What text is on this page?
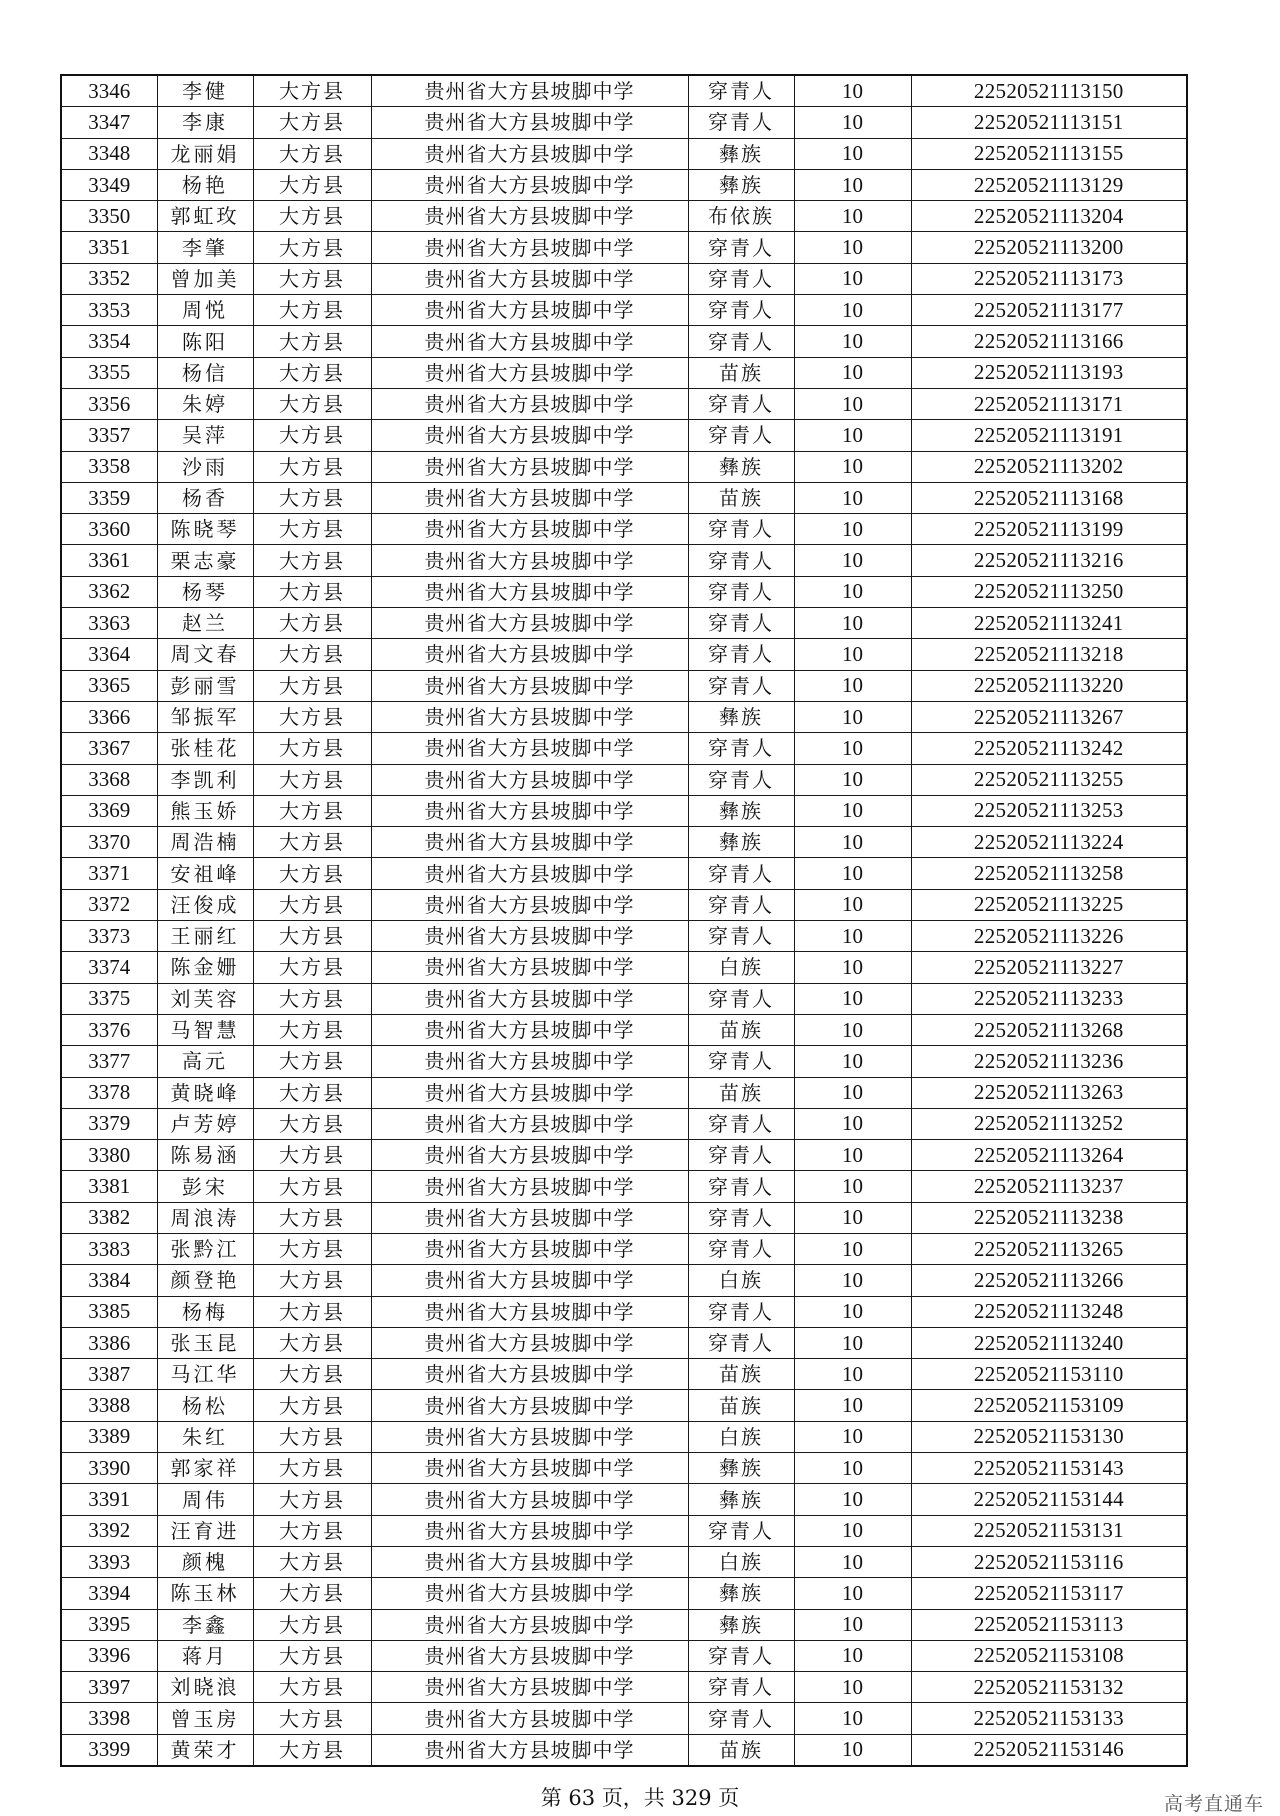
3346	李健	大方县	贵州省大方县坡脚中学	穿青人	10	22520521113150
3347	李康	大方县	贵州省大方县坡脚中学	穿青人	10	22520521113151
3348	龙丽娟	大方县	贵州省大方县坡脚中学	彝族	10	22520521113155
3349	杨艳	大方县	贵州省大方县坡脚中学	彝族	10	22520521113129
3350	郭虹玫	大方县	贵州省大方县坡脚中学	布依族	10	22520521113204
3351	李肇	大方县	贵州省大方县坡脚中学	穿青人	10	22520521113200
3352	曾加美	大方县	贵州省大方县坡脚中学	穿青人	10	22520521113173
3353	周悦	大方县	贵州省大方县坡脚中学	穿青人	10	22520521113177
3354	陈阳	大方县	贵州省大方县坡脚中学	穿青人	10	22520521113166
3355	杨信	大方县	贵州省大方县坡脚中学	苗族	10	22520521113193
3356	朱婷	大方县	贵州省大方县坡脚中学	穿青人	10	22520521113171
3357	吴萍	大方县	贵州省大方县坡脚中学	穿青人	10	22520521113191
3358	沙雨	大方县	贵州省大方县坡脚中学	彝族	10	22520521113202
3359	杨香	大方县	贵州省大方县坡脚中学	苗族	10	22520521113168
3360	陈晓琴	大方县	贵州省大方县坡脚中学	穿青人	10	22520521113199
3361	栗志豪	大方县	贵州省大方县坡脚中学	穿青人	10	22520521113216
3362	杨琴	大方县	贵州省大方县坡脚中学	穿青人	10	22520521113250
3363	赵兰	大方县	贵州省大方县坡脚中学	穿青人	10	22520521113241
3364	周文春	大方县	贵州省大方县坡脚中学	穿青人	10	22520521113218
3365	彭丽雪	大方县	贵州省大方县坡脚中学	穿青人	10	22520521113220
3366	邹振军	大方县	贵州省大方县坡脚中学	彝族	10	22520521113267
3367	张桂花	大方县	贵州省大方县坡脚中学	穿青人	10	22520521113242
3368	李凯利	大方县	贵州省大方县坡脚中学	穿青人	10	22520521113255
3369	熊玉娇	大方县	贵州省大方县坡脚中学	彝族	10	22520521113253
3370	周浩楠	大方县	贵州省大方县坡脚中学	彝族	10	22520521113224
3371	安祖峰	大方县	贵州省大方县坡脚中学	穿青人	10	22520521113258
3372	汪俊成	大方县	贵州省大方县坡脚中学	穿青人	10	22520521113225
3373	王丽红	大方县	贵州省大方县坡脚中学	穿青人	10	22520521113226
3374	陈金姗	大方县	贵州省大方县坡脚中学	白族	10	22520521113227
3375	刘芙容	大方县	贵州省大方县坡脚中学	穿青人	10	22520521113233
3376	马智慧	大方县	贵州省大方县坡脚中学	苗族	10	22520521113268
3377	高元	大方县	贵州省大方县坡脚中学	穿青人	10	22520521113236
3378	黄晓峰	大方县	贵州省大方县坡脚中学	苗族	10	22520521113263
3379	卢芳婷	大方县	贵州省大方县坡脚中学	穿青人	10	22520521113252
3380	陈易涵	大方县	贵州省大方县坡脚中学	穿青人	10	22520521113264
3381	彭宋	大方县	贵州省大方县坡脚中学	穿青人	10	22520521113237
3382	周浪涛	大方县	贵州省大方县坡脚中学	穿青人	10	22520521113238
3383	张黔江	大方县	贵州省大方县坡脚中学	穿青人	10	22520521113265
3384	颜登艳	大方县	贵州省大方县坡脚中学	白族	10	22520521113266
3385	杨梅	大方县	贵州省大方县坡脚中学	穿青人	10	22520521113248
3386	张玉昆	大方县	贵州省大方县坡脚中学	穿青人	10	22520521113240
3387	马江华	大方县	贵州省大方县坡脚中学	苗族	10	22520521153110
3388	杨松	大方县	贵州省大方县坡脚中学	苗族	10	22520521153109
3389	朱红	大方县	贵州省大方县坡脚中学	白族	10	22520521153130
3390	郭家祥	大方县	贵州省大方县坡脚中学	彝族	10	22520521153143
3391	周伟	大方县	贵州省大方县坡脚中学	彝族	10	22520521153144
3392	汪育进	大方县	贵州省大方县坡脚中学	穿青人	10	22520521153131
3393	颜槐	大方县	贵州省大方县坡脚中学	白族	10	22520521153116
3394	陈玉林	大方县	贵州省大方县坡脚中学	彝族	10	22520521153117
3395	李鑫	大方县	贵州省大方县坡脚中学	彝族	10	22520521153113
3396	蒋月	大方县	贵州省大方县坡脚中学	穿青人	10	22520521153108
3397	刘晓浪	大方县	贵州省大方县坡脚中学	穿青人	10	22520521153132
3398	曾玉房	大方县	贵州省大方县坡脚中学	穿青人	10	22520521153133
3399	黄荣才	大方县	贵州省大方县坡脚中学	苗族	10	22520521153146
第 63 页，共 329 页	高考直通车
